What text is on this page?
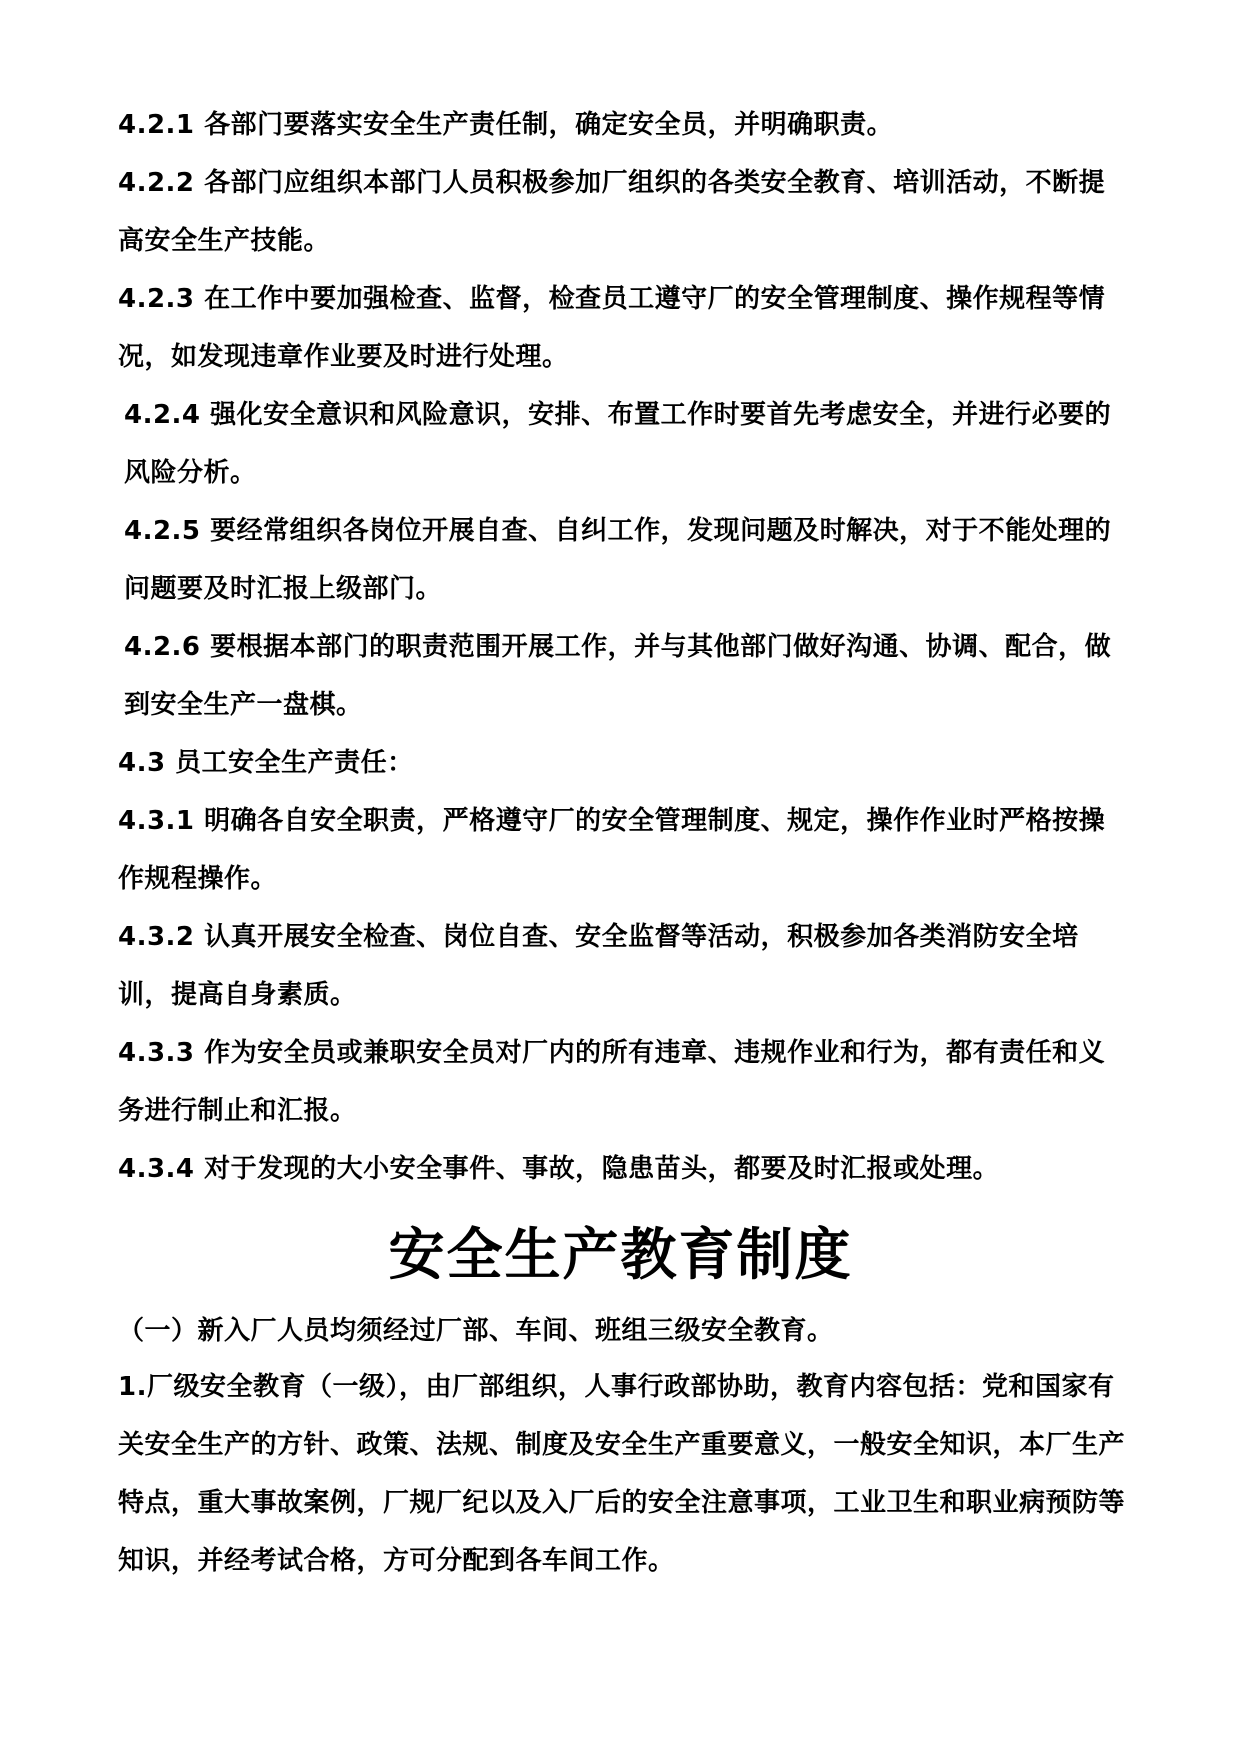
4.2.1 各部门要落实安全生产责任制，确定安全员，并明确职责。
4.2.2 各部门应组织本部门人员积极参加厂组织的各类安全教育、培训活动，不断提高安全生产技能。
4.2.3 在工作中要加强检查、监督，检查员工遵守厂的安全管理制度、操作规程等情况，如发现违章作业要及时进行处理。
4.2.4 强化安全意识和风险意识，安排、布置工作时要首先考虑安全，并进行必要的风险分析。
4.2.5 要经常组织各岗位开展自查、自纠工作，发现问题及时解决，对于不能处理的问题要及时汇报上级部门。
4.2.6 要根据本部门的职责范围开展工作，并与其他部门做好沟通、协调、配合，做到安全生产一盘棋。
4.3 员工安全生产责任：
4.3.1 明确各自安全职责，严格遵守厂的安全管理制度、规定，操作作业时严格按操作规程操作。
4.3.2 认真开展安全检查、岗位自查、安全监督等活动，积极参加各类消防安全培训，提高自身素质。
4.3.3 作为安全员或兼职安全员对厂内的所有违章、违规作业和行为，都有责任和义务进行制止和汇报。
4.3.4 对于发现的大小安全事件、事故，隐患苗头，都要及时汇报或处理。
安全生产教育制度
（一）新入厂人员均须经过厂部、车间、班组三级安全教育。
1.厂级安全教育（一级），由厂部组织，人事行政部协助，教育内容包括：党和国家有关安全生产的方针、政策、法规、制度及安全生产重要意义，一般安全知识，本厂生产特点，重大事故案例，厂规厂纪以及入厂后的安全注意事项，工业卫生和职业病预防等知识，并经考试合格，方可分配到各车间工作。
